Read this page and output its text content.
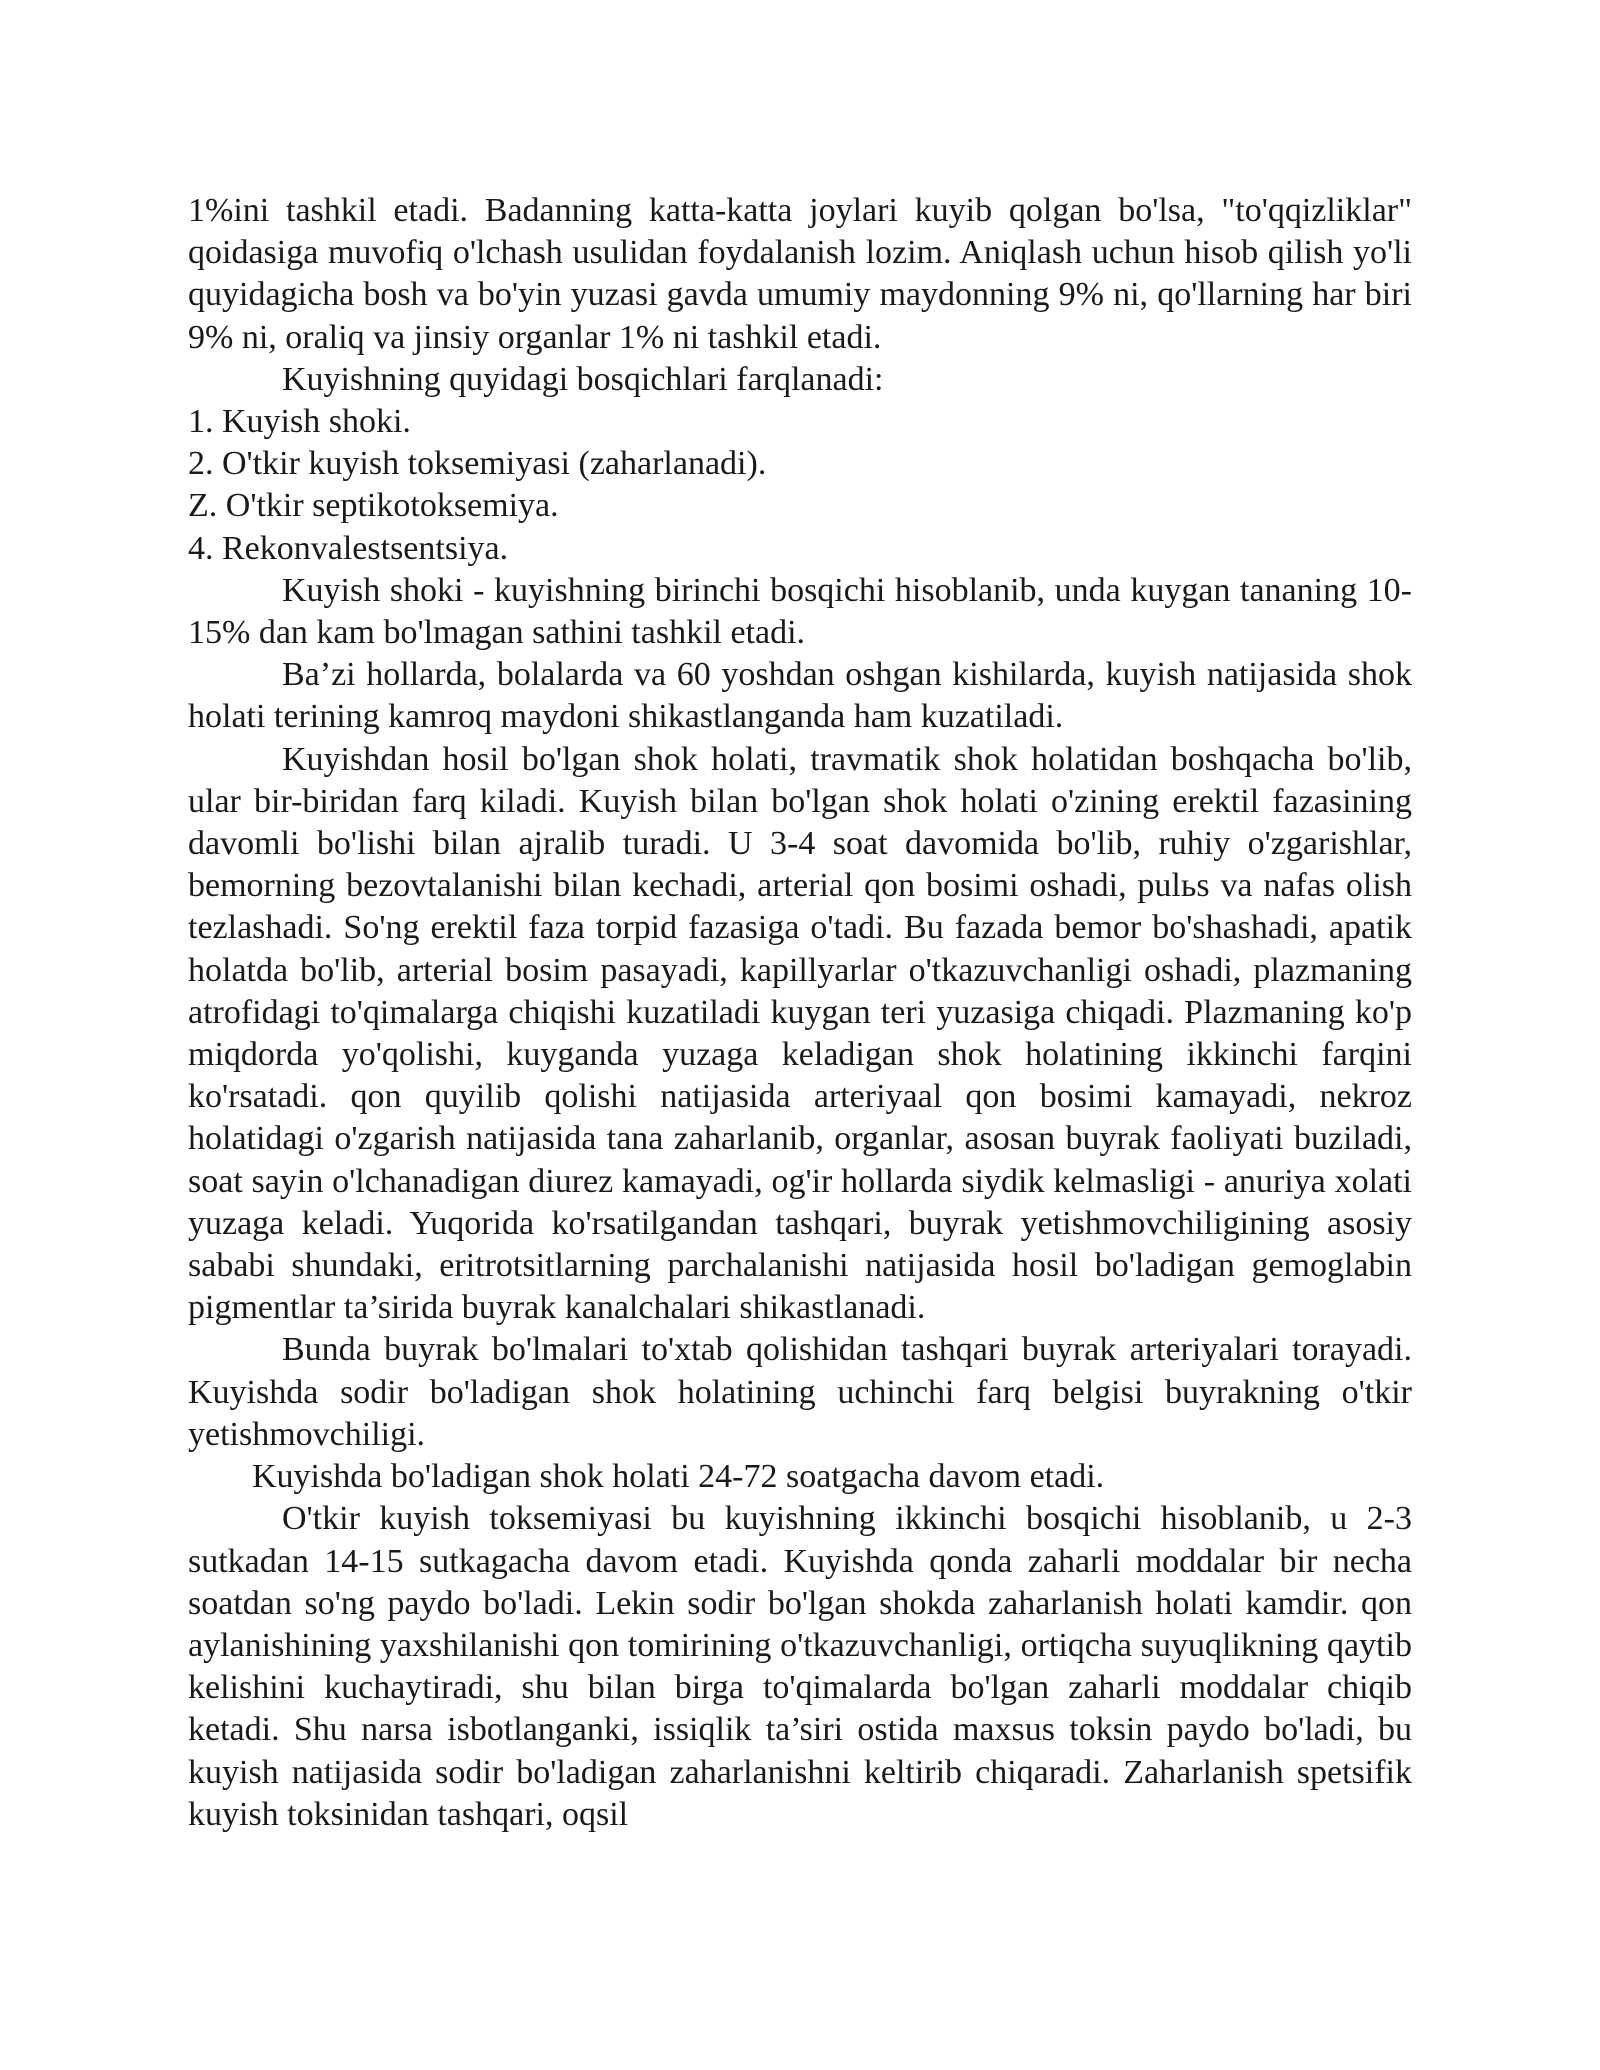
1%ini tashkil etadi. Badanning katta-katta joylari kuyib qolgan bo'lsa, "to'qqizliklar" qoidasiga muvofiq o'lchash usulidan foydalanish lozim. Aniqlash uchun hisob qilish yo'li quyidagicha bosh va bo'yin yuzasi gavda umumiy maydonning 9% ni, qo'llarning har biri 9% ni, oraliq va jinsiy organlar 1% ni tashkil etadi.

Kuyishning quyidagi bosqichlari farqlanadi:

1. Kuyish shoki.

2. O'tkir kuyish toksemiyasi (zaharlanadi).

Z. O'tkir septikotoksemiya.

4. Rekonvalestsentsiya.

Kuyish shoki - kuyishning birinchi bosqichi hisoblanib, unda kuygan tananing 10-15% dan kam bo'lmagan sathini tashkil etadi.

Ba’zi hollarda, bolalarda va 60 yoshdan oshgan kishilarda, kuyish natijasida shok holati terining kamroq maydoni shikastlanganda ham kuzatiladi.

Kuyishdan hosil bo'lgan shok holati, travmatik shok holatidan boshqacha bo'lib, ular bir-biridan farq kiladi. Kuyish bilan bo'lgan shok holati o'zining erektil fazasining davomli bo'lishi bilan ajralib turadi. U 3-4 soat davomida bo'lib, ruhiy o'zgarishlar, bemorning bezovtalanishi bilan kechadi, arterial qon bosimi oshadi, pulьs va nafas olish tezlashadi. So'ng erektil faza torpid fazasiga o'tadi. Bu fazada bemor bo'shashadi, apatik holatda bo'lib, arterial bosim pasayadi, kapillyarlar o'tkazuvchanligi oshadi, plazmaning atrofidagi to'qimalarga chiqishi kuzatiladi kuygan teri yuzasiga chiqadi. Plazmaning ko'p miqdorda yo'qolishi, kuyganda yuzaga keladigan shok holatining ikkinchi farqini ko'rsatadi. qon quyilib qolishi natijasida arteriyaal qon bosimi kamayadi, nekroz holatidagi o'zgarish natijasida tana zaharlanib, organlar, asosan buyrak faoliyati buziladi, soat sayin o'lchanadigan diurez kamayadi, og'ir hollarda siydik kelmasligi - anuriya xolati yuzaga keladi. Yuqorida ko'rsatilgandan tashqari, buyrak yetishmovchiligining asosiy sababi shundaki, eritrotsitlarning parchalanishi natijasida hosil bo'ladigan gemoglabin pigmentlar ta’sirida buyrak kanalchalari shikastlanadi.

Bunda buyrak bo'lmalari to'xtab qolishidan tashqari buyrak arteriyalari torayadi. Kuyishda sodir bo'ladigan shok holatining uchinchi farq belgisi buyrakning o'tkir yetishmovchiligi.

Kuyishda bo'ladigan shok holati 24-72 soatgacha davom etadi.

O'tkir kuyish toksemiyasi bu kuyishning ikkinchi bosqichi hisoblanib, u 2-3 sutkadan 14-15 sutkagacha davom etadi. Kuyishda qonda zaharli moddalar bir necha soatdan so'ng paydo bo'ladi. Lekin sodir bo'lgan shokda zaharlanish holati kamdir. qon aylanishining yaxshilanishi qon tomirining o'tkazuvchanligi, ortiqcha suyuqlikning qaytib kelishini kuchaytiradi, shu bilan birga to'qimalarda bo'lgan zaharli moddalar chiqib ketadi. Shu narsa isbotlanganki, issiqlik ta’siri ostida maxsus toksin paydo bo'ladi, bu kuyish natijasida sodir bo'ladigan zaharlanishni keltirib chiqaradi. Zaharlanish spetsifik kuyish toksinidan tashqari, oqsil
